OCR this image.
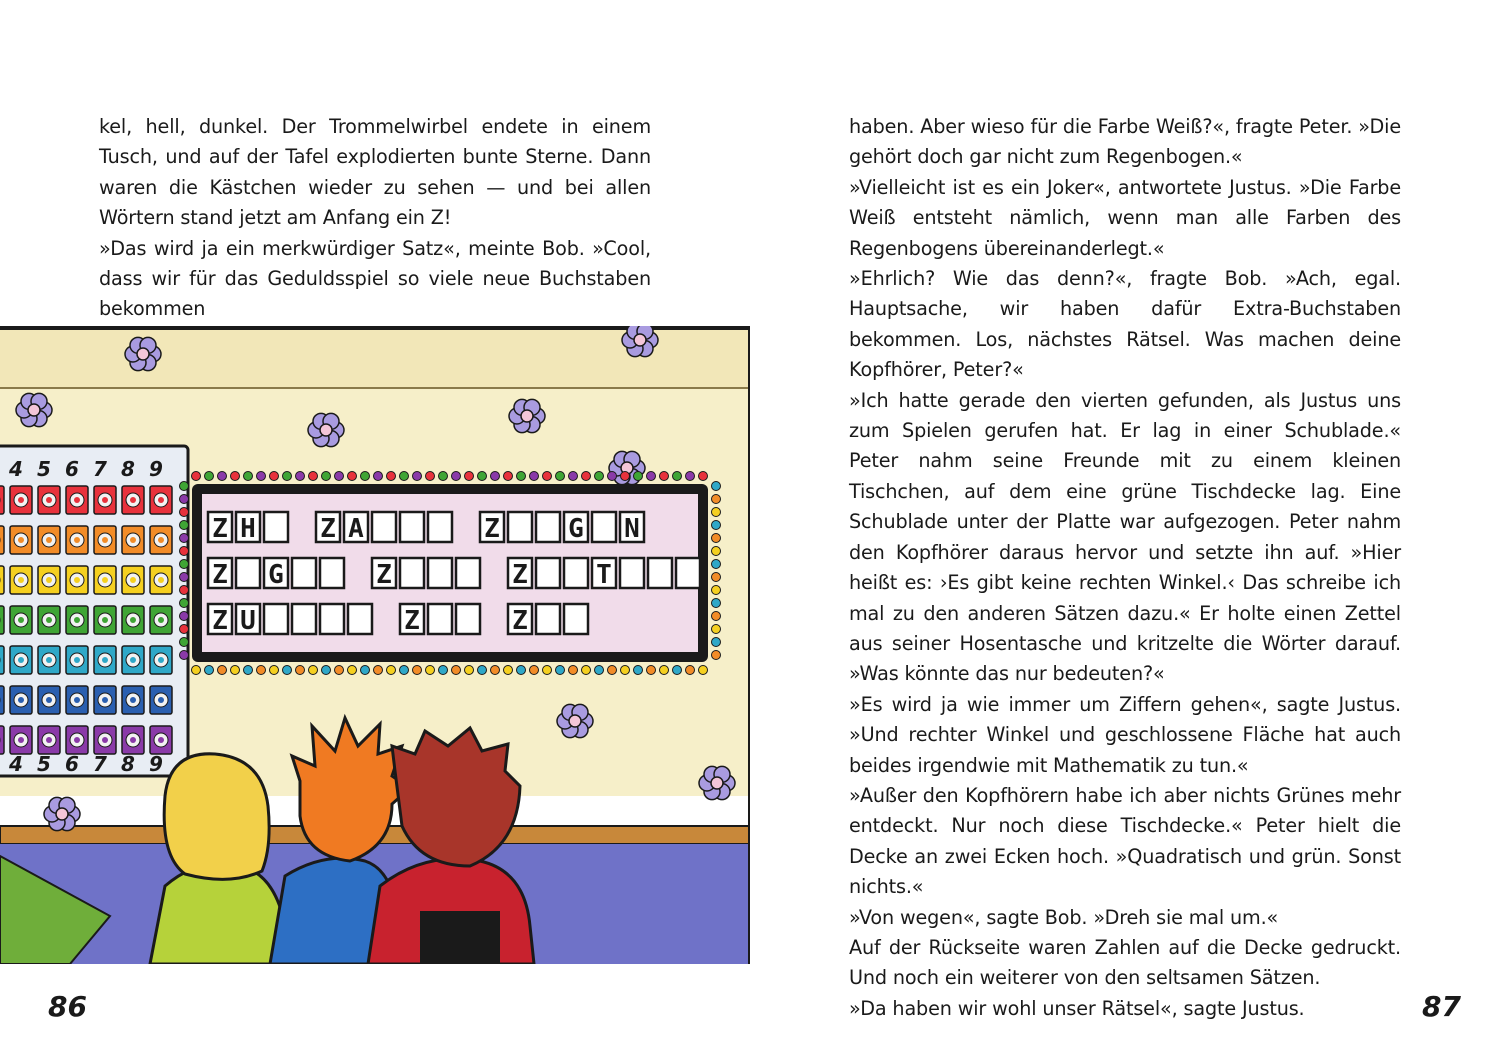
kel, hell, dunkel. Der Trommelwirbel endete in einem Tusch, und auf der Tafel explodierten bunte Sterne. Dann waren die Kästchen wieder zu sehen — und bei allen Wörtern stand jetzt am Anfang ein Z!

»Das wird ja ein merkwürdiger Satz«, meinte Bob. »Cool, dass wir für das Geduldsspiel so viele neue Buchstaben bekommen

4 5 6 7 8 9
4 5 6 7 8 9
Z H Z A	Z	G N
Z G	Z	Z	T
Z U	Z	Z
86

haben. Aber wieso für die Farbe Weiß?«, fragte Peter. »Die gehört doch gar nicht zum Regenbogen.«

»Vielleicht ist es ein Joker«, antwortete Justus. »Die Farbe Weiß entsteht nämlich, wenn man alle Farben des Regenbogens übereinanderlegt.«

»Ehrlich? Wie das denn?«, fragte Bob. »Ach, egal. Hauptsache, wir haben dafür Extra-Buchstaben bekommen. Los, nächstes Rätsel. Was machen deine Kopfhörer, Peter?«

»Ich hatte gerade den vierten gefunden, als Justus uns zum Spielen gerufen hat. Er lag in einer Schublade.« Peter nahm seine Freunde mit zu einem kleinen Tischchen, auf dem eine grüne Tischdecke lag. Eine Schublade unter der Platte war aufgezogen. Peter nahm den Kopfhörer daraus hervor und setzte ihn auf. »Hier heißt es: ›Es gibt keine rechten Winkel.‹ Das schreibe ich mal zu den anderen Sätzen dazu.« Er holte einen Zettel aus seiner Hosentasche und kritzelte die Wörter darauf. »Was könnte das nur bedeuten?«

»Es wird ja wie immer um Ziffern gehen«, sagte Justus. »Und rechter Winkel und geschlossene Fläche hat auch beides irgendwie mit Mathematik zu tun.«

»Außer den Kopfhörern habe ich aber nichts Grünes mehr entdeckt. Nur noch diese Tischdecke.« Peter hielt die Decke an zwei Ecken hoch. »Quadratisch und grün. Sonst nichts.«

»Von wegen«, sagte Bob. »Dreh sie mal um.«

Auf der Rückseite waren Zahlen auf die Decke gedruckt. Und noch ein weiterer von den seltsamen Sätzen.

»Da haben wir wohl unser Rätsel«, sagte Justus.	87
